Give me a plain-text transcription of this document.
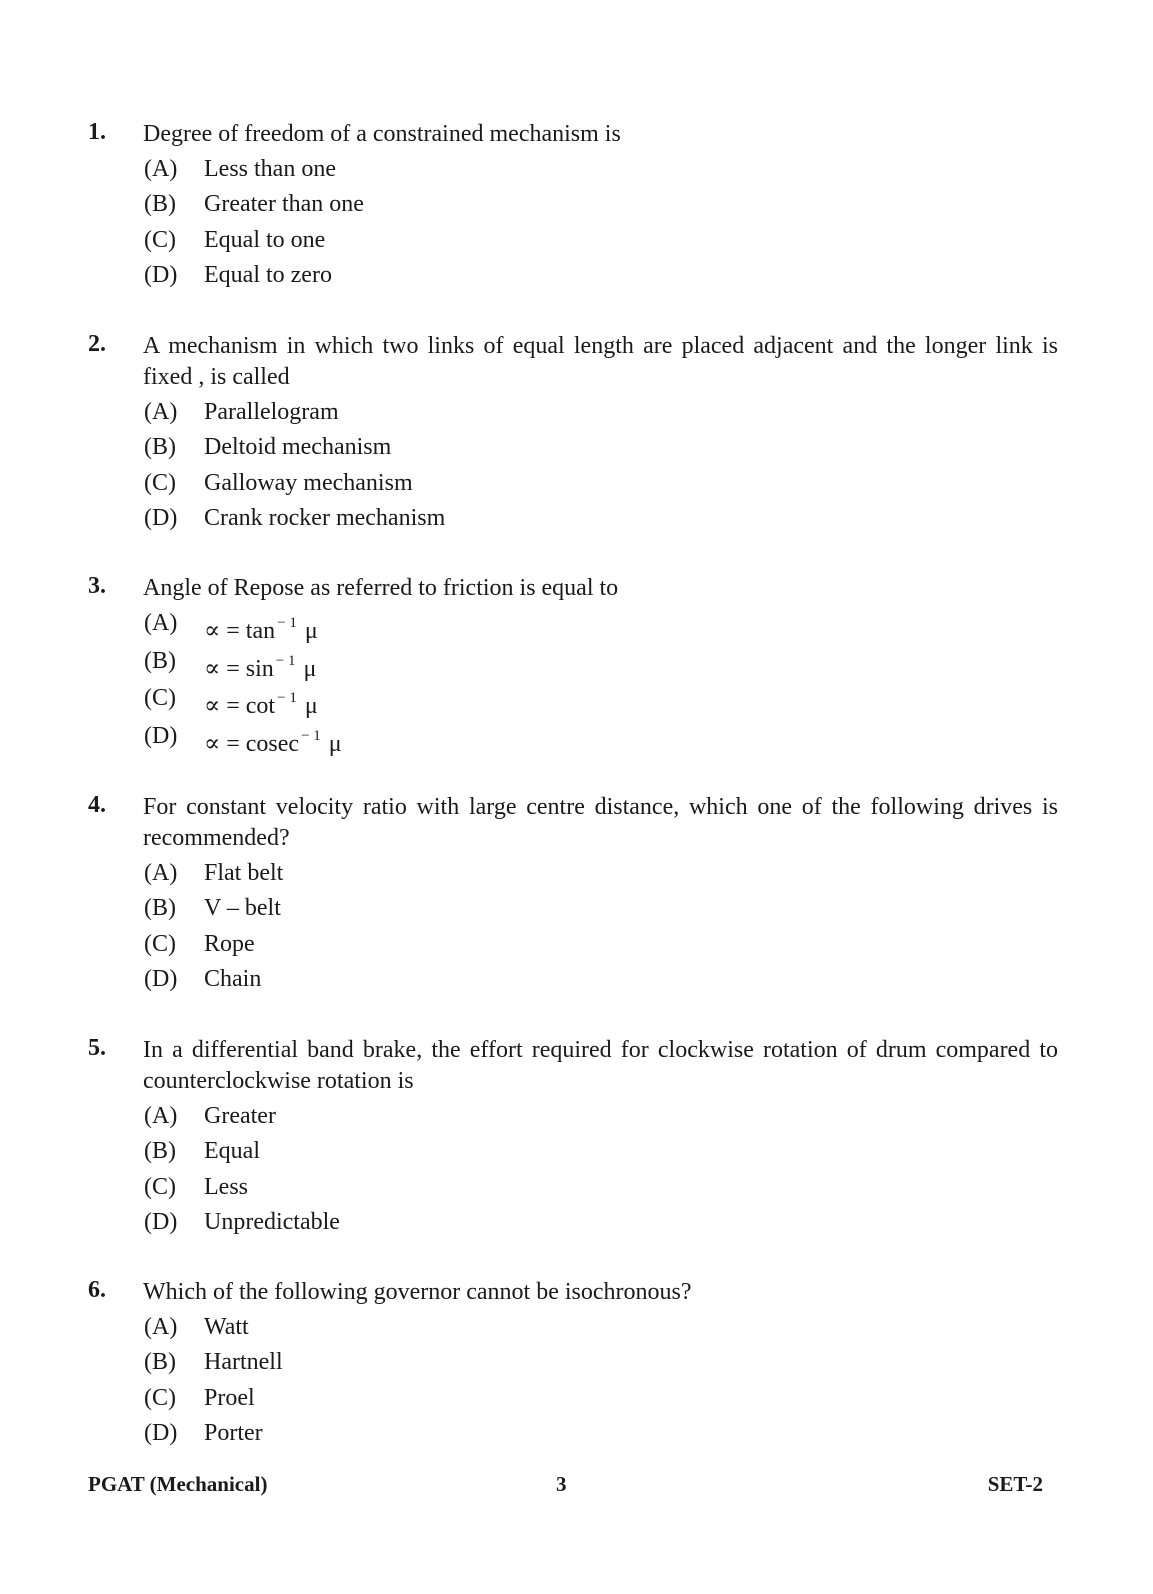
1. Degree of freedom of a constrained mechanism is
(A) Less than one
(B) Greater than one
(C) Equal to one
(D) Equal to zero
2. A mechanism in which two links of equal length are placed adjacent and the longer link is fixed , is called
(A) Parallelogram
(B) Deltoid mechanism
(C) Galloway mechanism
(D) Crank rocker mechanism
3. Angle of Repose as referred to friction is equal to
(A) ∝ = tan $^{- 1}$ μ
(B) ∝ = sin $^{- 1}$ μ
(C) ∝ = cot $^{- 1}$ μ
(D) ∝ = cosec $^{- 1}$ μ
4. For constant velocity ratio with large centre distance, which one of the following drives is recommended?
(A) Flat belt
(B) V – belt
(C) Rope
(D) Chain
5. In a differential band brake, the effort required for clockwise rotation of drum compared to counterclockwise rotation is
(A) Greater
(B) Equal
(C) Less
(D) Unpredictable
6. Which of the following governor cannot be isochronous?
(A) Watt
(B) Hartnell
(C) Proel
(D) Porter
PGAT (Mechanical)	3	SET-2
